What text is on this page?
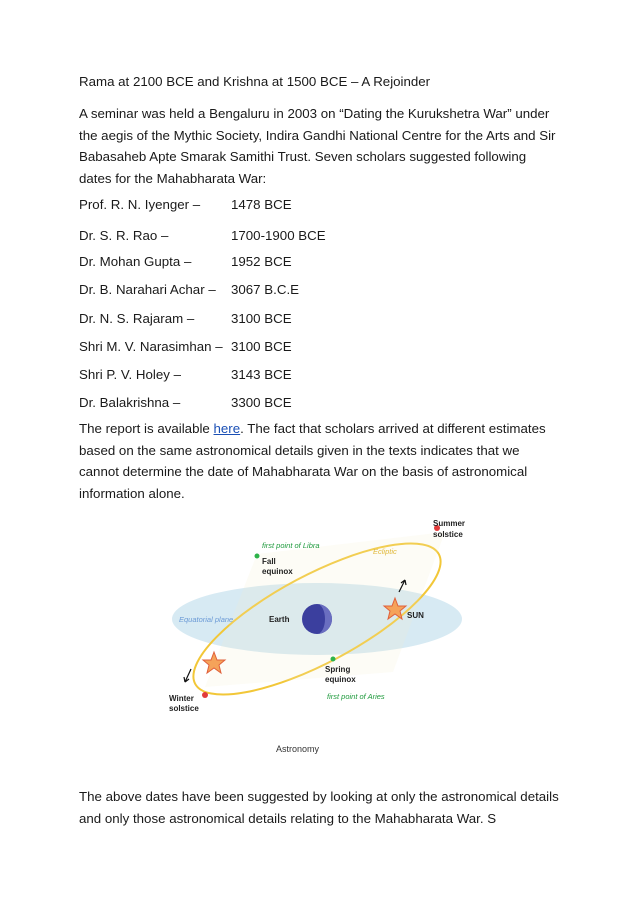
Rama at 2100 BCE and Krishna at 1500 BCE – A Rejoinder
A seminar was held a Bengaluru in 2003 on “Dating the Kurukshetra War” under the aegis of the Mythic Society, Indira Gandhi National Centre for the Arts and Sir Babasaheb Apte Smarak Samithi Trust. Seven scholars suggested following dates for the Mahabharata War:
Prof. R. N. Iyenger – 1478 BCE
Dr. S. R. Rao –	1700-1900 BCE
Dr. Mohan Gupta –	1952 BCE
Dr. B. Narahari Achar – 3067 B.C.E
Dr. N. S. Rajaram –	3100 BCE
Shri M. V. Narasimhan – 3100 BCE
Shri P. V. Holey –	3143 BCE
Dr. Balakrishna –	3300 BCE
The report is available here. The fact that scholars arrived at different estimates based on the same astronomical details given in the texts indicates that we cannot determine the date of Mahabharata War on the basis of astronomical information alone.
Summer
solstice
first point of Libra
Ecliptic
Fall
equinox
Equatorial plane	Earth	SUN
Spring
equinox
first point of Aries
Winter
solstice
Astronomy
The above dates have been suggested by looking at only the astronomical details and only those astronomical details relating to the Mahabharata War. S
